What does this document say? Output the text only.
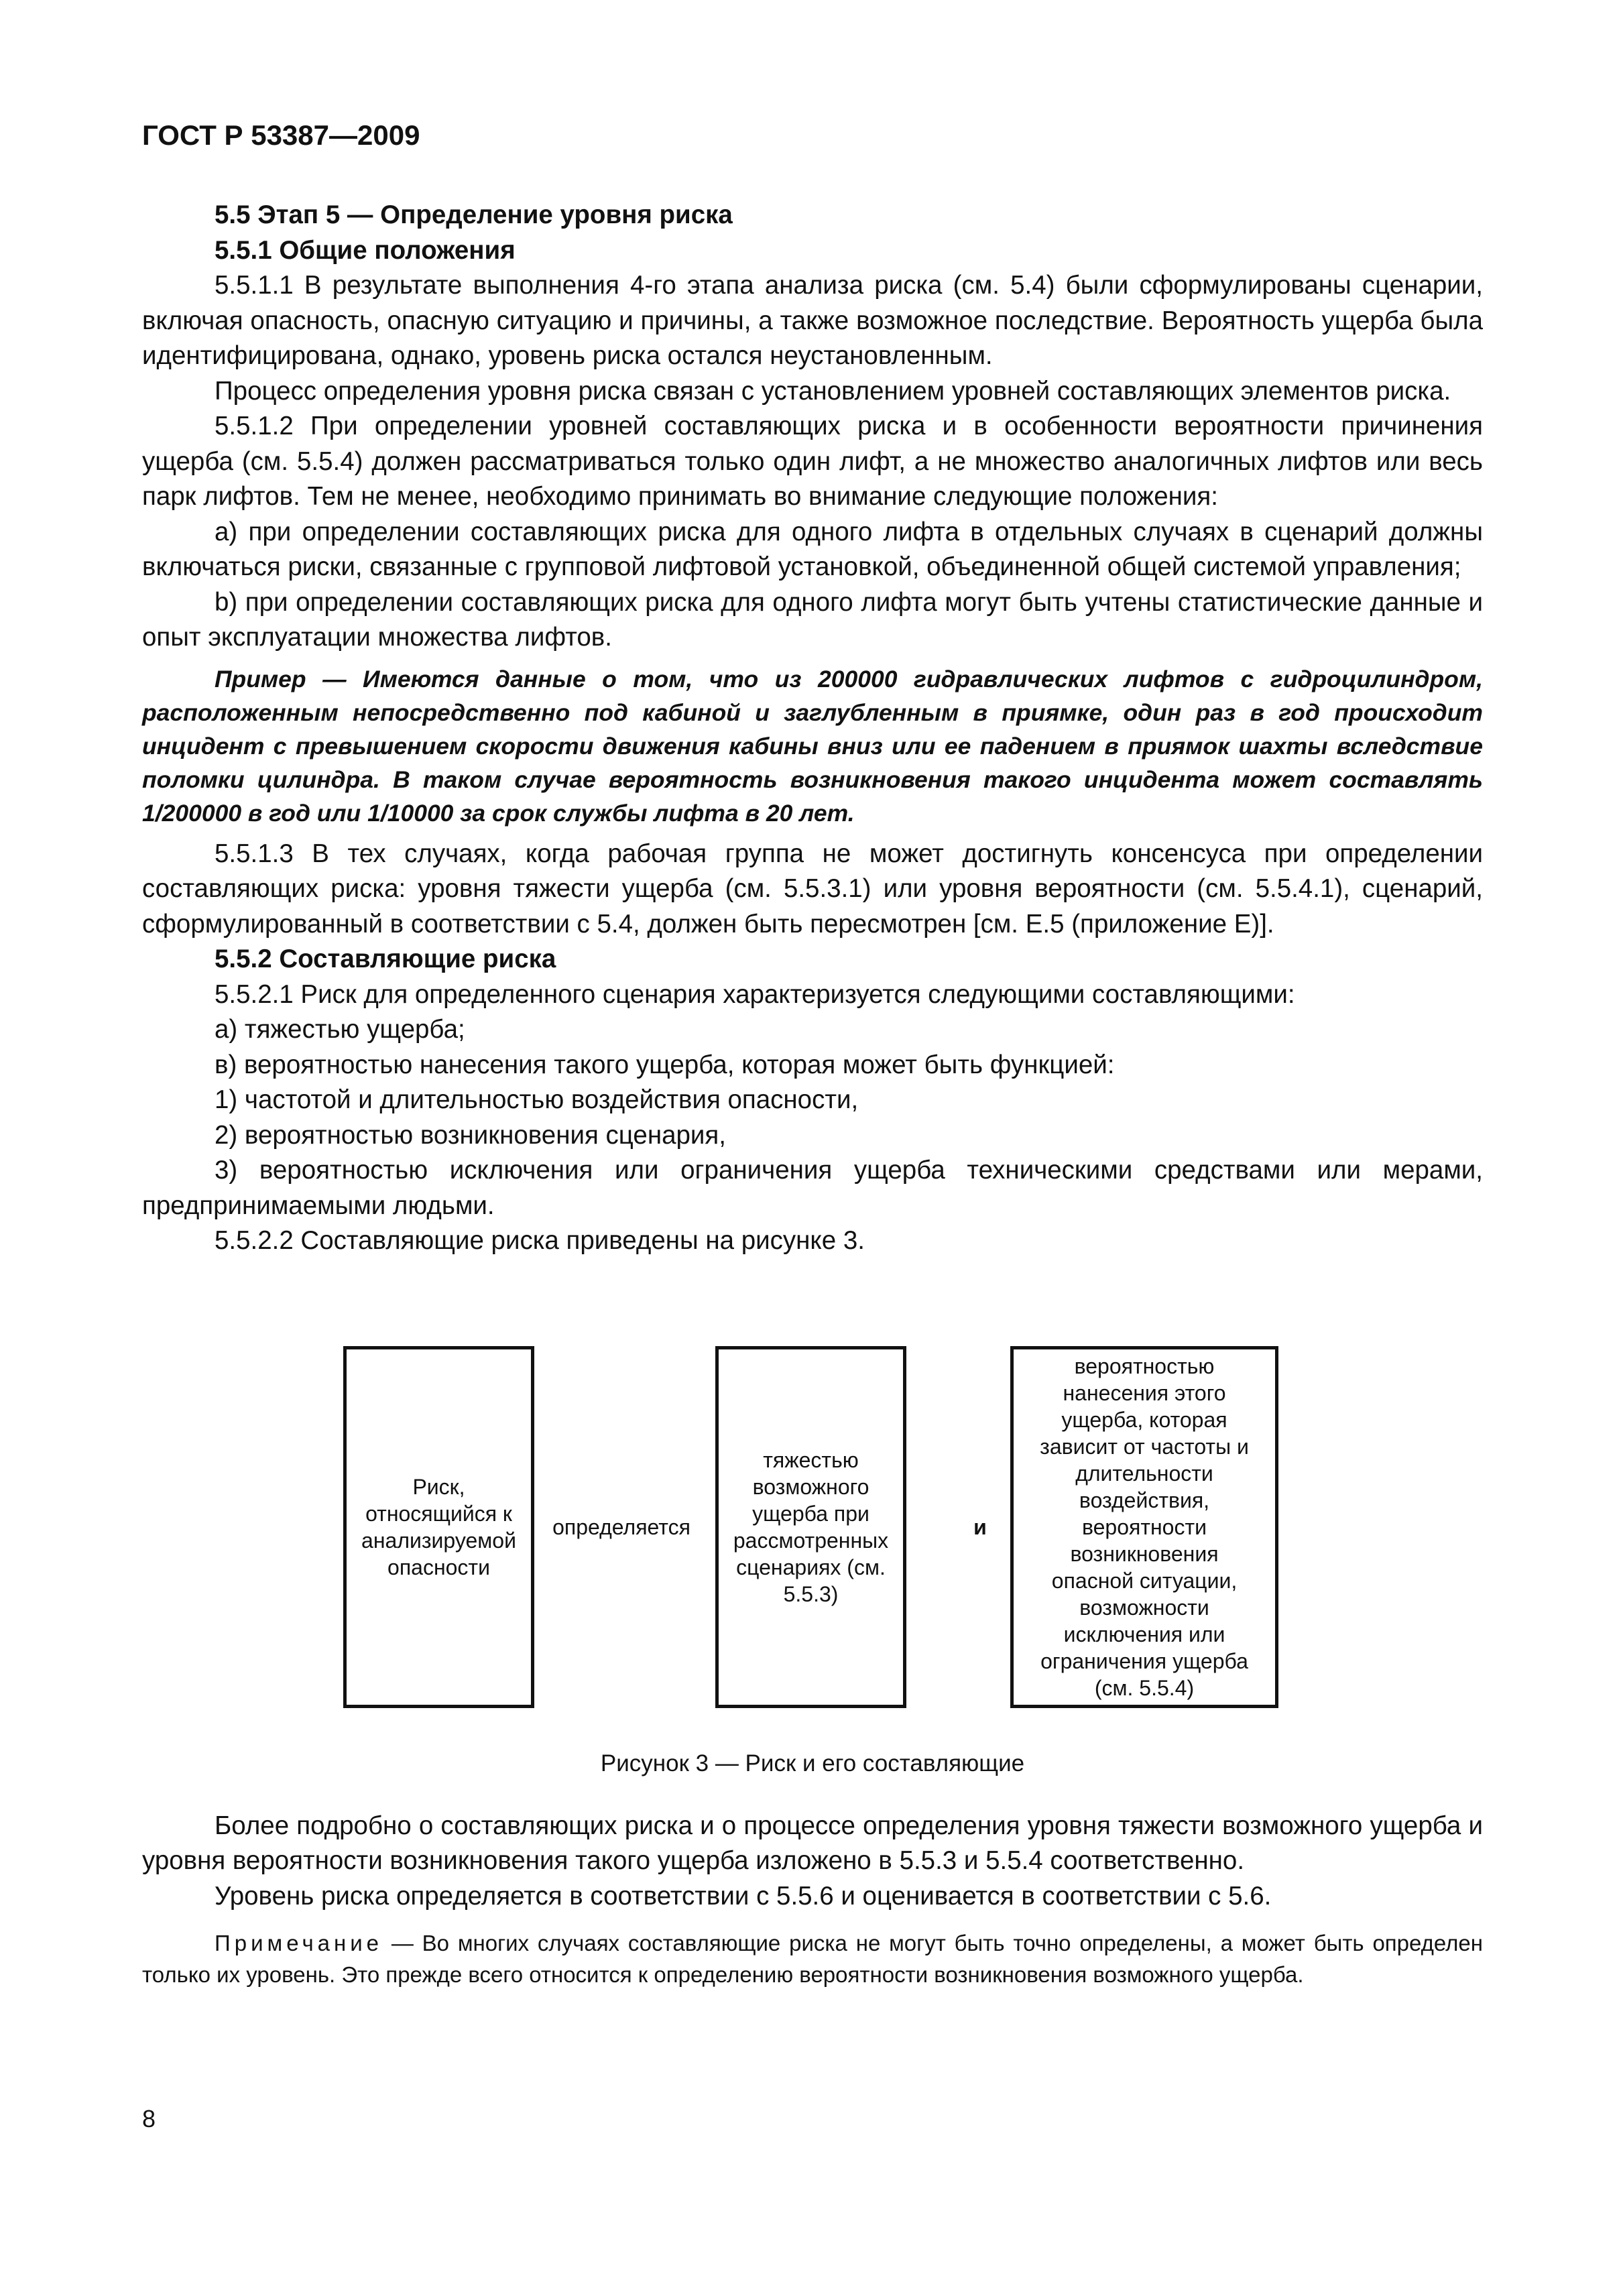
ГОСТ Р 53387—2009

5.5 Этап 5 — Определение уровня риска

5.5.1 Общие положения

5.5.1.1 В результате выполнения 4-го этапа анализа риска (см. 5.4) были сформулированы сценарии, включая опасность, опасную ситуацию и причины, а также возможное последствие. Вероятность ущерба была идентифицирована, однако, уровень риска остался неустановленным.

Процесс определения уровня риска связан с установлением уровней составляющих элементов риска.

5.5.1.2 При определении уровней составляющих риска и в особенности вероятности причинения ущерба (см. 5.5.4) должен рассматриваться только один лифт, а не множество аналогичных лифтов или весь парк лифтов. Тем не менее, необходимо принимать во внимание следующие положения:

а) при определении составляющих риска для одного лифта в отдельных случаях в сценарий должны включаться риски, связанные с групповой лифтовой установкой, объединенной общей системой управления;

b) при определении составляющих риска для одного лифта могут быть учтены статистические данные и опыт эксплуатации множества лифтов.

Пример — Имеются данные о том, что из 200000 гидравлических лифтов с гидроцилиндром, расположенным непосредственно под кабиной и заглубленным в приямке, один раз в год происходит инцидент с превышением скорости движения кабины вниз или ее падением в приямок шахты вследствие поломки цилиндра. В таком случае вероятность возникновения такого инцидента может составлять 1/200000 в год или 1/10000 за срок службы лифта в 20 лет.

5.5.1.3 В тех случаях, когда рабочая группа не может достигнуть консенсуса при определении составляющих риска: уровня тяжести ущерба (см. 5.5.3.1) или уровня вероятности (см. 5.5.4.1), сценарий, сформулированный в соответствии с 5.4, должен быть пересмотрен [см. Е.5 (приложение Е)].

5.5.2 Составляющие риска

5.5.2.1 Риск для определенного сценария характеризуется следующими составляющими:

а) тяжестью ущерба;

в) вероятностью нанесения такого ущерба, которая может быть функцией:

1) частотой и длительностью воздействия опасности,

2) вероятностью возникновения сценария,

3) вероятностью исключения или ограничения ущерба техническими средствами или мерами, предпринимаемыми людьми.

5.5.2.2 Составляющие риска приведены на рисунке 3.

Риск, относящийся к анализируемой опасности
определяется
тяжестью возможного ущерба при рассмотренных сценариях (см. 5.5.3)
и
вероятностью нанесения этого ущерба, которая зависит от частоты и длительности воздействия, вероятности возникновения опасной ситуации, возможности исключения или ограничения ущерба (см. 5.5.4)
Рисунок 3 — Риск и его составляющие

Более подробно о составляющих риска и о процессе определения уровня тяжести возможного ущерба и уровня вероятности возникновения такого ущерба изложено в 5.5.3 и 5.5.4 соответственно.

Уровень риска определяется в соответствии с 5.5.6 и оценивается в соответствии с 5.6.

Примечание — Во многих случаях составляющие риска не могут быть точно определены, а может быть определен только их уровень. Это прежде всего относится к определению вероятности возникновения возможного ущерба.

8
